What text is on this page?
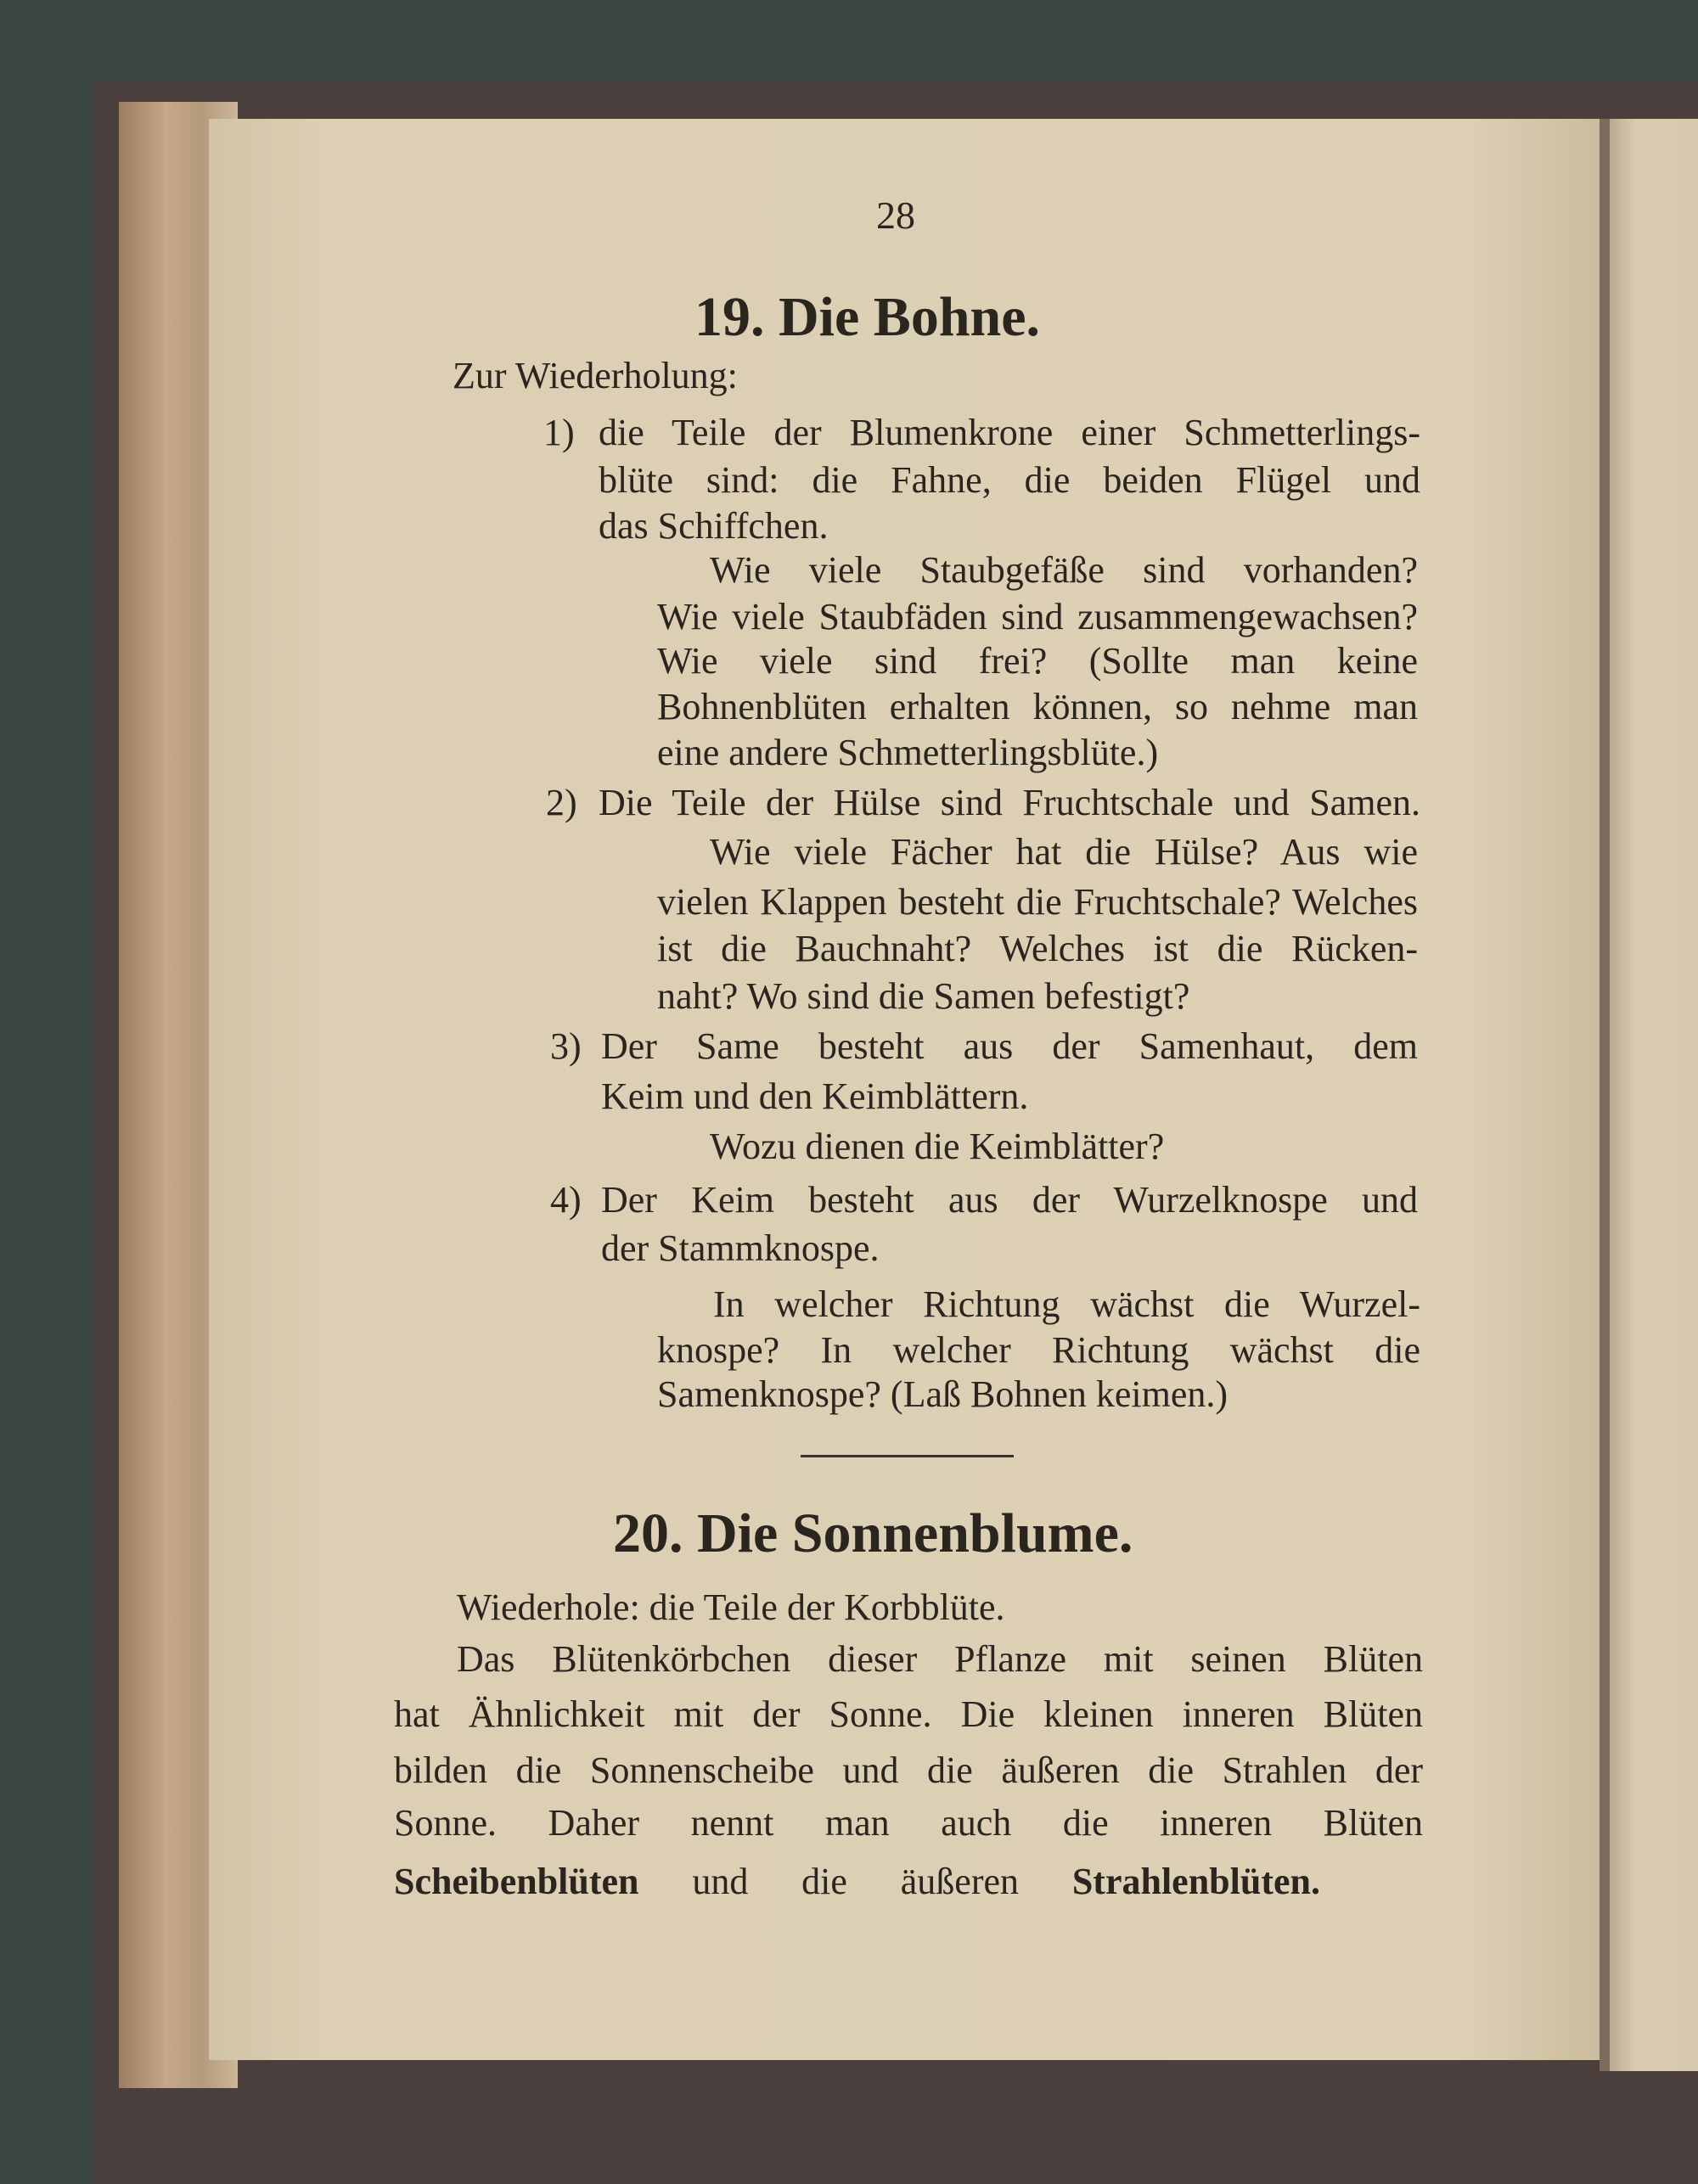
28
19. Die Bohne.
Zur Wiederholung:
1) die Teile der Blumenkrone einer Schmetterlings-
blüte sind: die Fahne, die beiden Flügel und
das Schiffchen.
Wie viele Staubgefäße sind vorhanden?
Wie viele Staubfäden sind zusammengewachsen?
Wie viele sind frei? (Sollte man keine
Bohnenblüten erhalten können, so nehme man
eine andere Schmetterlingsblüte.)
2) Die Teile der Hülse sind Fruchtschale und Samen.
Wie viele Fächer hat die Hülse? Aus wie
vielen Klappen besteht die Fruchtschale? Welches
ist die Bauchnaht? Welches ist die Rücken-
naht? Wo sind die Samen befestigt?
3) Der Same besteht aus der Samenhaut, dem
Keim und den Keimblättern.
Wozu dienen die Keimblätter?
4) Der Keim besteht aus der Wurzelknospe und
der Stammknospe.
In welcher Richtung wächst die Wurzel-
knospe? In welcher Richtung wächst die
Samenknospe? (Laß Bohnen keimen.)
20. Die Sonnenblume.
Wiederhole: die Teile der Korbblüte.
Das Blütenkörbchen dieser Pflanze mit seinen Blüten
hat Ähnlichkeit mit der Sonne. Die kleinen inneren Blüten
bilden die Sonnenscheibe und die äußeren die Strahlen der
Sonne. Daher nennt man auch die inneren Blüten
Scheibenblüten und die äußeren Strahlenblüten.
